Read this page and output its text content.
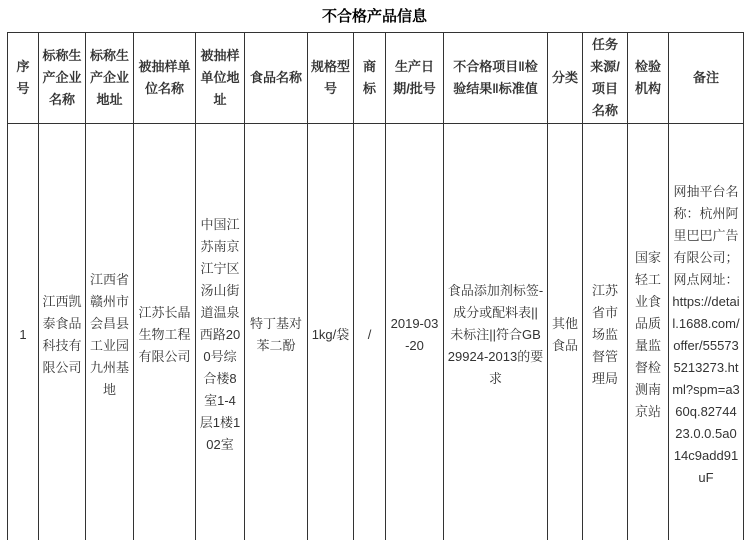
不合格产品信息
序号	标称生产企业名称	标称生产企业地址	被抽样单位名称	被抽样单位地址	食品名称	规格型号	商标	生产日期/批号	不合格项目‖检验结果‖标准值	分类	任务来源/项目名称	检验机构	备注
1	江西凯泰食品科技有限公司	江西省赣州市会昌县工业园九州基地	江苏长晶生物工程有限公司	中国江苏南京江宁区汤山街道温泉西路200号综合楼8室1-4层1楼102室	特丁基对苯二酚	1kg/袋	/	2019-03-20	食品添加剂标签-成分或配料表||未标注||符合GB29924-2013的要求	其他食品	江苏省市场监督管理局	国家轻工业食品质量监督检测南京站	网抽平台名称：杭州阿里巴巴广告有限公司；网点网址：https://detail.1688.com/offer/555735213273.html?spm=a360q.8274423.0.0.5a014c9add91uF
